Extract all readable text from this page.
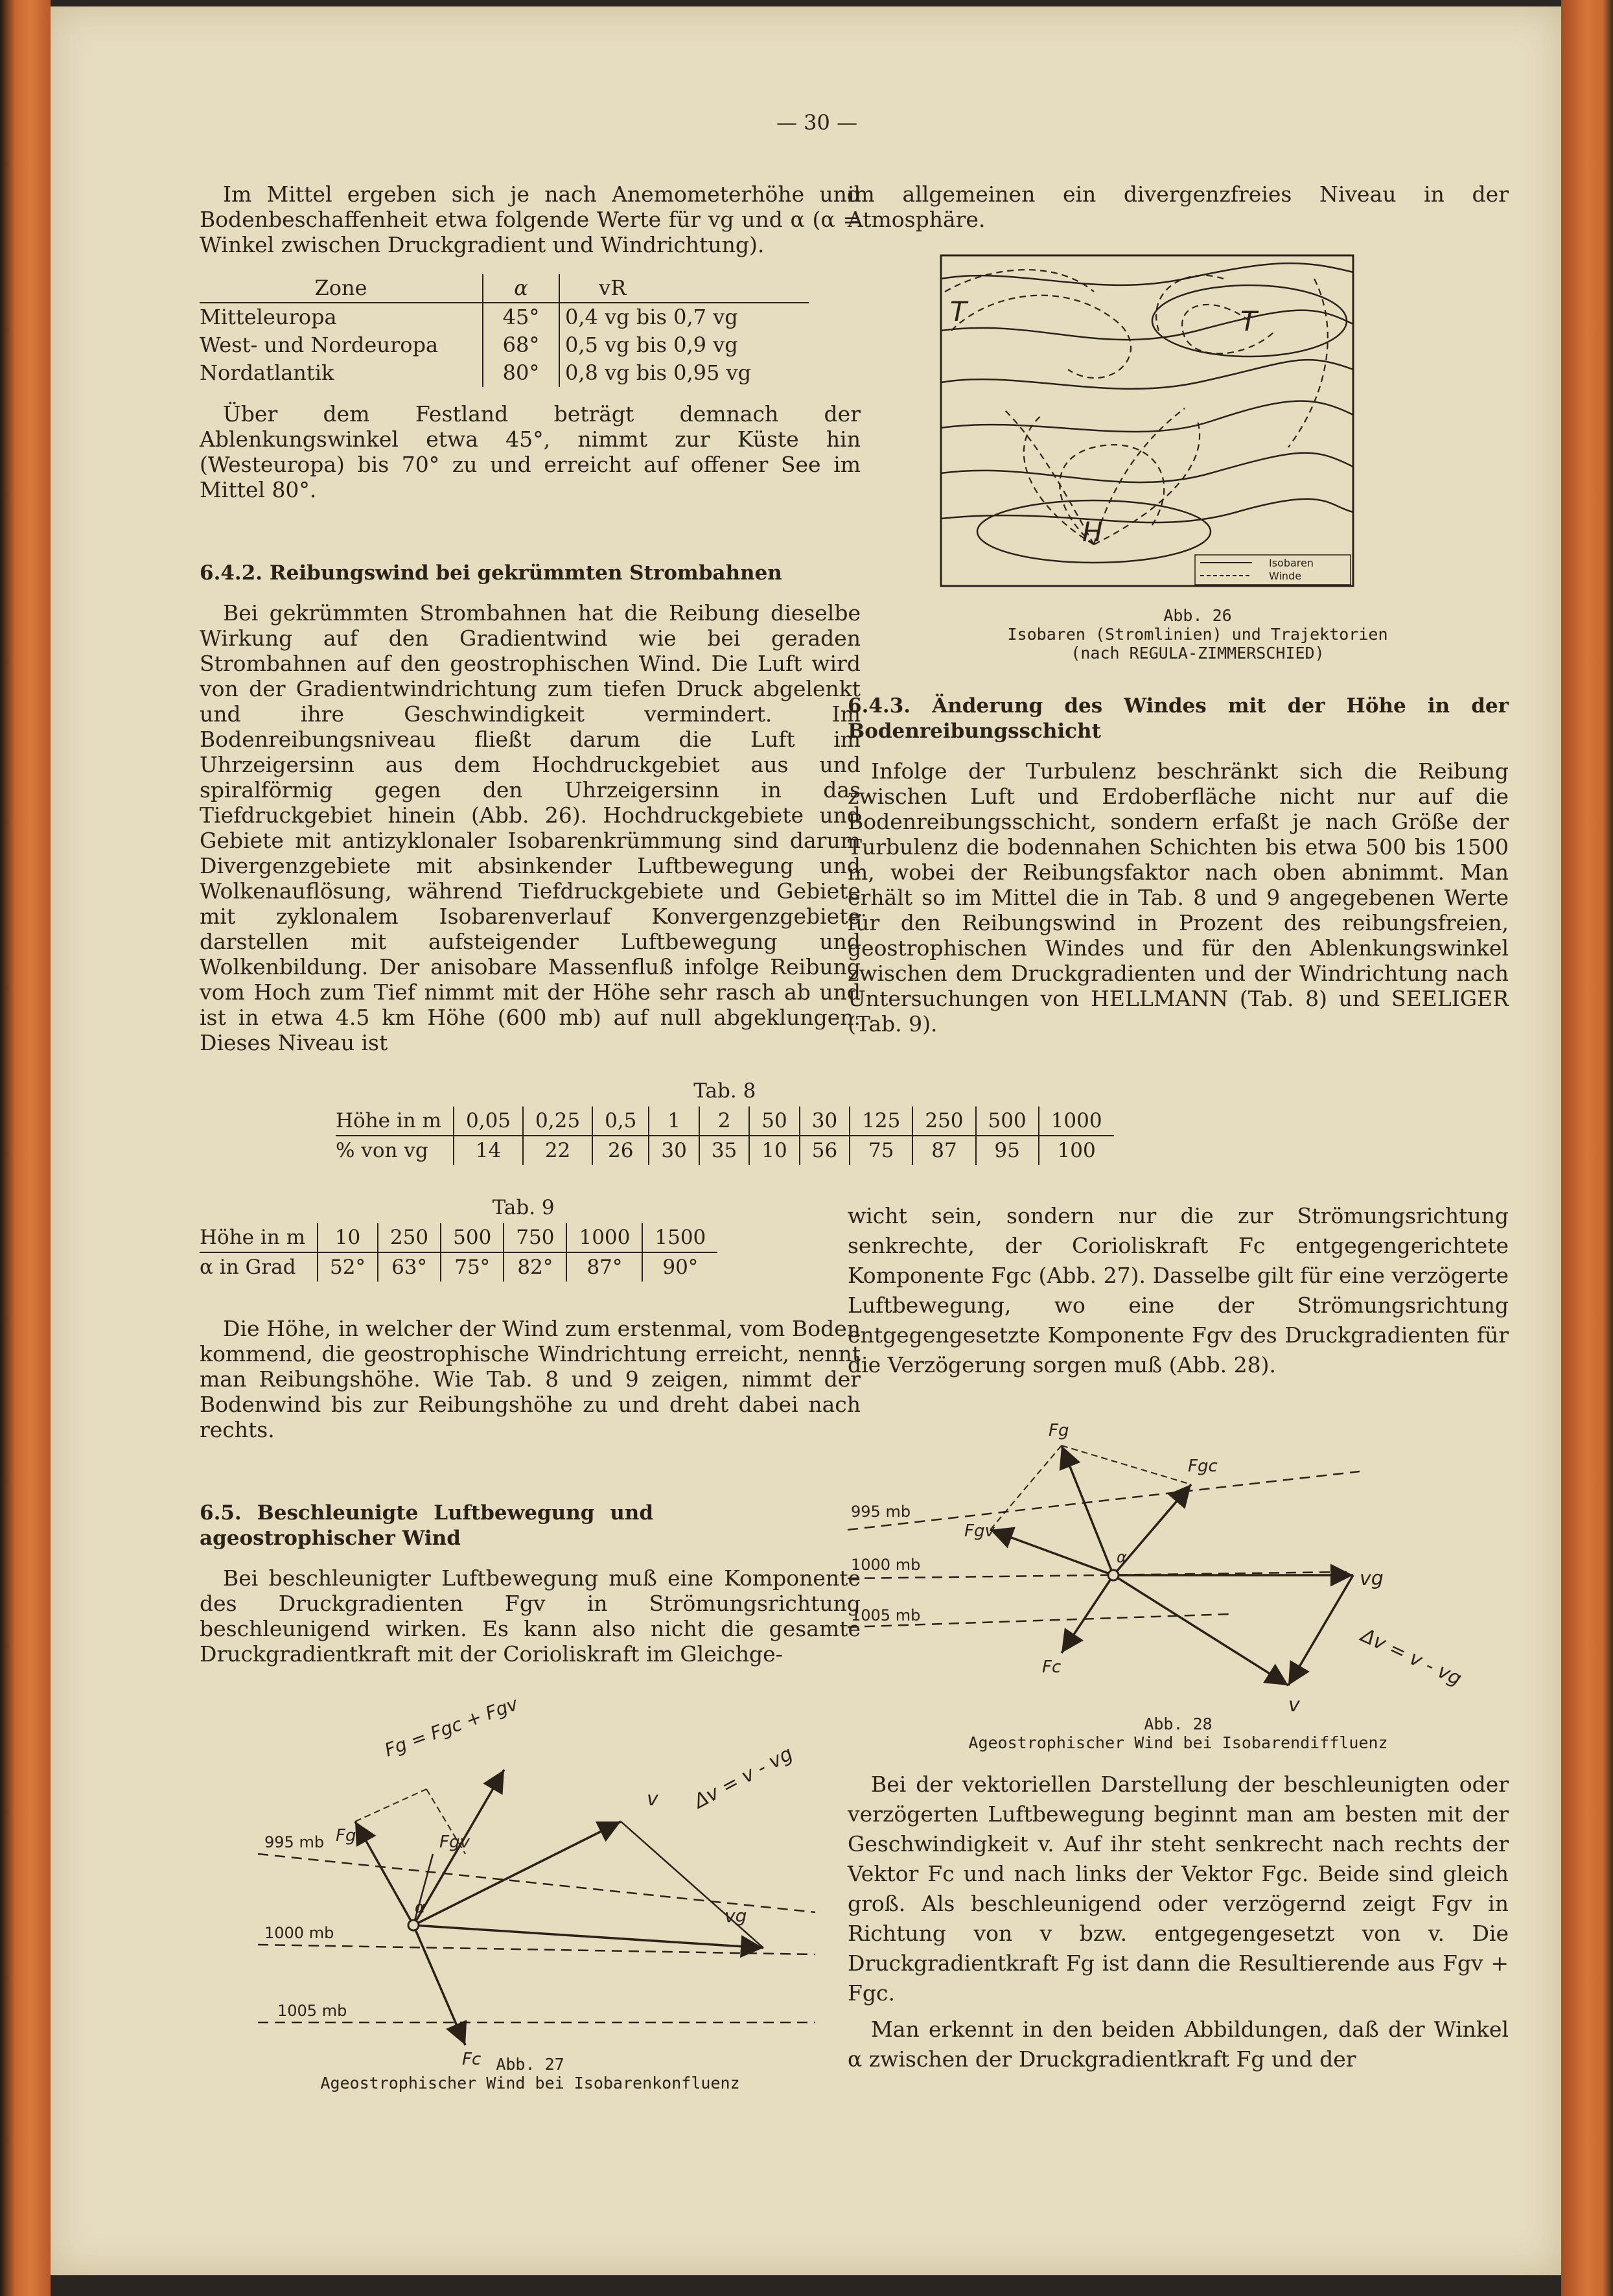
— 30 —

Im Mittel ergeben sich je nach Anemometerhöhe und Bodenbeschaffenheit etwa folgende Werte für vg und α (α = Winkel zwischen Druckgradient und Windrichtung).

Zone	α	vR
Mitteleuropa	45°	0,4 vg bis 0,7 vg
West- und Nordeuropa	68°	0,5 vg bis 0,9 vg
Nordatlantik	80°	0,8 vg bis 0,95 vg

Über dem Festland beträgt demnach der Ablenkungswinkel etwa 45°, nimmt zur Küste hin (Westeuropa) bis 70° zu und erreicht auf offener See im Mittel 80°.

6.4.2. Reibungswind bei gekrümmten Strombahnen

Bei gekrümmten Strombahnen hat die Reibung dieselbe Wirkung auf den Gradientwind wie bei geraden Strombahnen auf den geostrophischen Wind. Die Luft wird von der Gradientwindrichtung zum tiefen Druck abgelenkt und ihre Geschwindigkeit vermindert. Im Bodenreibungsniveau fließt darum die Luft im Uhrzeigersinn aus dem Hochdruckgebiet aus und spiralförmig gegen den Uhrzeigersinn in das Tiefdruckgebiet hinein (Abb. 26). Hochdruckgebiete und Gebiete mit antizyklonaler Isobarenkrümmung sind darum Divergenzgebiete mit absinkender Luftbewegung und Wolkenauflösung, während Tiefdruckgebiete und Gebiete mit zyklonalem Isobarenverlauf Konvergenzgebiete darstellen mit aufsteigender Luftbewegung und Wolkenbildung. Der anisobare Massenfluß infolge Reibung vom Hoch zum Tief nimmt mit der Höhe sehr rasch ab und ist in etwa 4.5 km Höhe (600 mb) auf null abgeklungen. Dieses Niveau ist

im allgemeinen ein divergenzfreies Niveau in der Atmosphäre.

T	T
H
Isobaren
Winde
Abb. 26
Isobaren (Stromlinien) und Trajektorien
(nach REGULA-ZIMMERSCHIED)
6.4.3. Änderung des Windes mit der Höhe in der Bodenreibungsschicht

Infolge der Turbulenz beschränkt sich die Reibung zwischen Luft und Erdoberfläche nicht nur auf die Bodenreibungsschicht, sondern erfaßt je nach Größe der Turbulenz die bodennahen Schichten bis etwa 500 bis 1500 m, wobei der Reibungsfaktor nach oben abnimmt. Man erhält so im Mittel die in Tab. 8 und 9 angegebenen Werte für den Reibungswind in Prozent des reibungsfreien, geostrophischen Windes und für den Ablenkungswinkel zwischen dem Druckgradienten und der Windrichtung nach Untersuchungen von HELLMANN (Tab. 8) und SEELIGER (Tab. 9).

Tab. 8
Höhe in m	0,05	0,25	0,5	1	2	50	30	125	250	500	1000
% von vg	14	22	26	30	35	10	56	75	87	95	100
Tab. 9
Höhe in m	10	250	500	750	1000	1500
α in Grad	52°	63°	75°	82°	87°	90°

Die Höhe, in welcher der Wind zum erstenmal, vom Boden kommend, die geostrophische Windrichtung erreicht, nennt man Reibungshöhe. Wie Tab. 8 und 9 zeigen, nimmt der Bodenwind bis zur Reibungshöhe zu und dreht dabei nach rechts.

6.5. Beschleunigte Luftbewegung und ageostrophischer Wind

Bei beschleunigter Luftbewegung muß eine Komponente des Druckgradienten Fgv in Strömungsrichtung beschleunigend wirken. Es kann also nicht die gesamte Druckgradientkraft mit der Corioliskraft im Gleichge-

995 mb
1000 mb
1005 mb
Fg = Fgc + Fgv
Δv = v - vg
Fgc	Fgv
v
vg
Fc
α
Abb. 27
Ageostrophischer Wind bei Isobarenkonfluenz

wicht sein, sondern nur die zur Strömungsrichtung senkrechte, der Corioliskraft Fc entgegengerichtete Komponente Fgc (Abb. 27). Dasselbe gilt für eine verzögerte Luftbewegung, wo eine der Strömungsrichtung entgegengesetzte Komponente Fgv des Druckgradienten für die Verzögerung sorgen muß (Abb. 28).

995 mb
1000 mb
1005 mb
Fg
Fgc
Fgv
vg
v
Fc
α
Δv = v - vg
Abb. 28
Ageostrophischer Wind bei Isobarendiffluenz

Bei der vektoriellen Darstellung der beschleunigten oder verzögerten Luftbewegung beginnt man am besten mit der Geschwindigkeit v. Auf ihr steht senkrecht nach rechts der Vektor Fc und nach links der Vektor Fgc. Beide sind gleich groß. Als beschleunigend oder verzögernd zeigt Fgv in Richtung von v bzw. entgegengesetzt von v. Die Druckgradientkraft Fg ist dann die Resultierende aus Fgv + Fgc.

Man erkennt in den beiden Abbildungen, daß der Winkel α zwischen der Druckgradientkraft Fg und der
